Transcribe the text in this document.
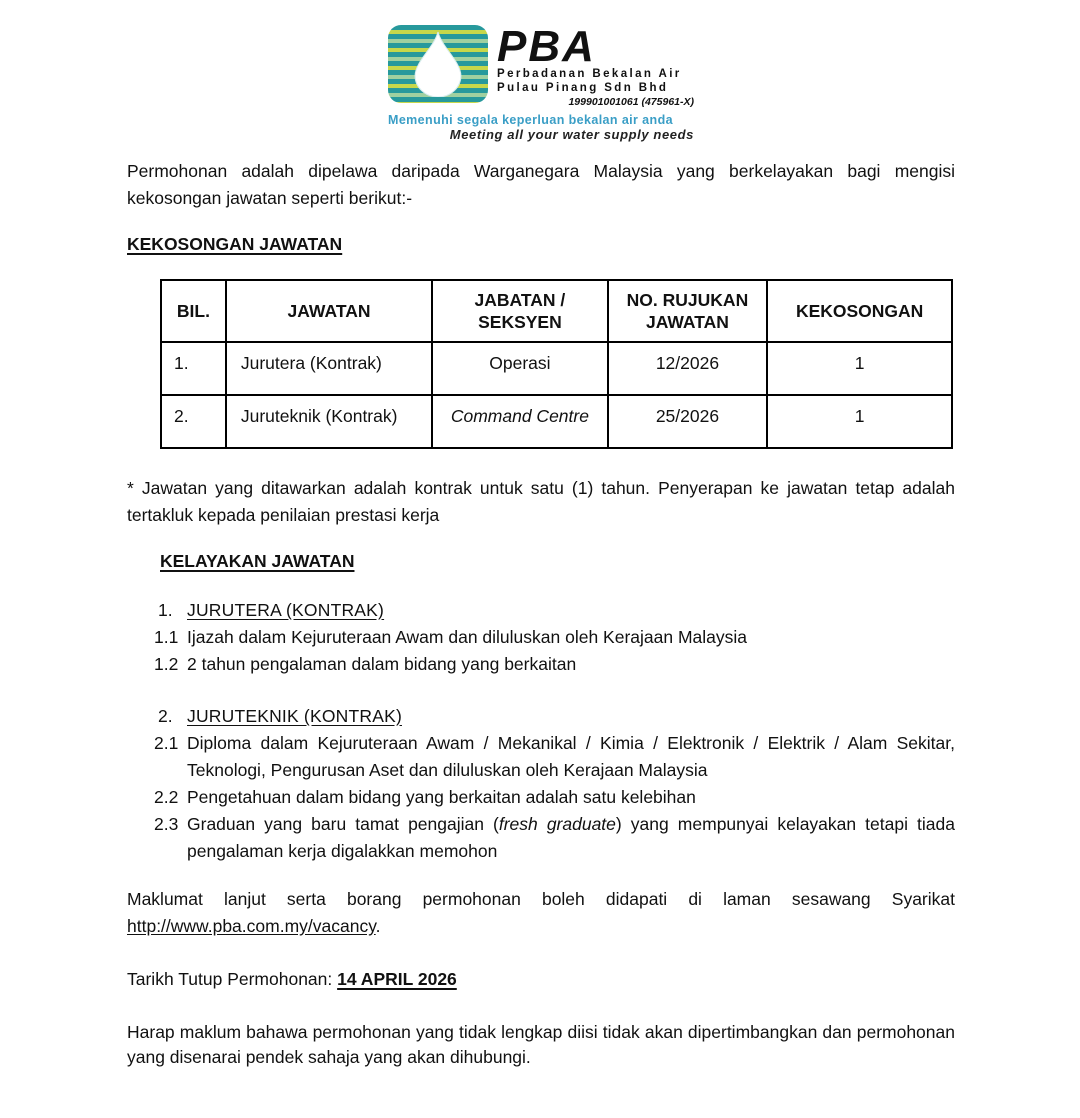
PBA
Perbadanan Bekalan Air
Pulau Pinang Sdn Bhd
199901001061 (475961-X)
Memenuhi segala keperluan bekalan air anda
Meeting all your water supply needs

Permohonan adalah dipelawa daripada Warganegara Malaysia yang berkelayakan bagi mengisi kekosongan jawatan seperti berikut:-

KEKOSONGAN JAWATAN
BIL.	JAWATAN	JABATAN / SEKSYEN	NO. RUJUKAN JAWATAN	KEKOSONGAN
1.	Jurutera (Kontrak)	Operasi	12/2026	1
2.	Juruteknik (Kontrak)	Command Centre	25/2026	1

* Jawatan yang ditawarkan adalah kontrak untuk satu (1) tahun. Penyerapan ke jawatan tetap adalah tertakluk kepada penilaian prestasi kerja

KELAYAKAN JAWATAN
1. JURUTERA (KONTRAK)
1.1 Ijazah dalam Kejuruteraan Awam dan diluluskan oleh Kerajaan Malaysia
1.2 2 tahun pengalaman dalam bidang yang berkaitan
2. JURUTEKNIK (KONTRAK)
2.1 Diploma dalam Kejuruteraan Awam / Mekanikal / Kimia / Elektronik / Elektrik / Alam Sekitar, Teknologi, Pengurusan Aset dan diluluskan oleh Kerajaan Malaysia
2.2 Pengetahuan dalam bidang yang berkaitan adalah satu kelebihan
2.3 Graduan yang baru tamat pengajian (fresh graduate) yang mempunyai kelayakan tetapi tiada pengalaman kerja digalakkan memohon

Maklumat lanjut serta borang permohonan boleh didapati di laman sesawang Syarikat http://www.pba.com.my/vacancy.

Tarikh Tutup Permohonan: 14 APRIL 2026

Harap maklum bahawa permohonan yang tidak lengkap diisi tidak akan dipertimbangkan dan permohonan yang disenarai pendek sahaja yang akan dihubungi.
